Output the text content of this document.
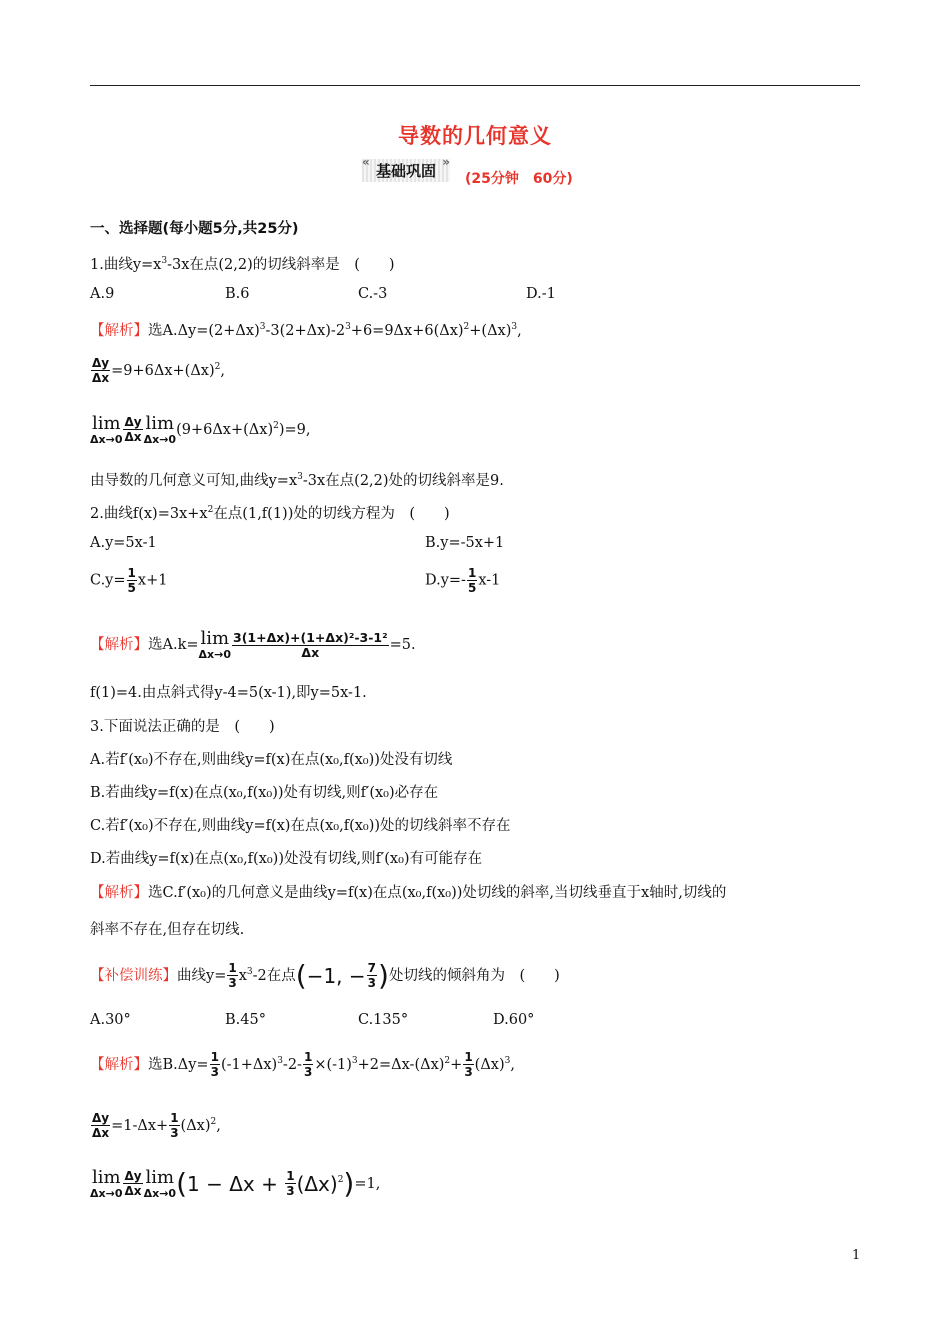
导数的几何意义
« 基础巩固 »	(25分钟　60分)
一、选择题(每小题5分,共25分)
1.曲线$y=x^3-3x$在点(2,2)的切线斜率是　(　　)
A.9	B.6	C.-3	D.-1
【解析】选$A.\Delta y=(2+\Delta x)^3-3(2+\Delta x)-2^3+6=9\Delta x+6(\Delta x)^2+(\Delta x)^3$,
$\frac{\Delta y}{\Delta x} =9+6\Delta x+(\Delta x)^2$,
lim
$\Delta x\to 0 \frac{\Delta y}{\Delta x}$ lim
Δx→0
$(9+6\Delta x+(\Delta x)^2)=9$,
由导数的几何意义可知,曲线$y=x^3-3x$在点(2,2)处的切线斜率是9.
2.曲线$f(x)=3x+x^2$在点(1,f(1))处的切线方程为　(　　)
A.y=5x-1	B.y=-5x+1
$C.y= \frac{1}{5} x+1$	$D.y=- \frac{1}{5} x-1$
【解析】选A.k= lim
$\Delta x\to 0 \frac{\text{3(1+Δx)+(1+Δx)²-3-1²}}{\Delta x} =5$.
f(1)=4.由点斜式得y-4=5(x-1),即y=5x-1.
3.下面说法正确的是　(　　)
A.若f′(x₀)不存在,则曲线y=f(x)在点(x₀,f(x₀))处没有切线
B.若曲线y=f(x)在点(x₀,f(x₀))处有切线,则f′(x₀)必存在
C.若f′(x₀)不存在,则曲线y=f(x)在点(x₀,f(x₀))处的切线斜率不存在
D.若曲线y=f(x)在点(x₀,f(x₀))处没有切线,则f′(x₀)有可能存在
【解析】选C.f′(x₀)的几何意义是曲线y=f(x)在点(x₀,f(x₀))处切线的斜率,当切线垂直于x轴时,切线的
斜率不存在,但存在切线.
【补偿训练】曲线$y= \frac{1}{3} x^3-2$在点(−1, − $\frac{7}{3}$ )处切线的倾斜角为　(　　)
A.30°	B.45°	C.135°	D.60°
【解析】选$B.\Delta y= \frac{1}{3} (-1+\Delta x)^3-2- \frac{1}{3} \times(-1)^3+2=\Delta x-(\Delta x)^2+ \frac{1}{3} (\Delta x)^3$,
$\frac{\Delta y}{\Delta x} =1-\Delta x+ \frac{1}{3} (\Delta x)^2$,
lim
$\Delta x\to 0 \frac{\Delta y}{\Delta x}$ lim
Δx→0 $(1 - \Delta x + \frac{1}{3} (\Delta x)^2)=1$,
1
